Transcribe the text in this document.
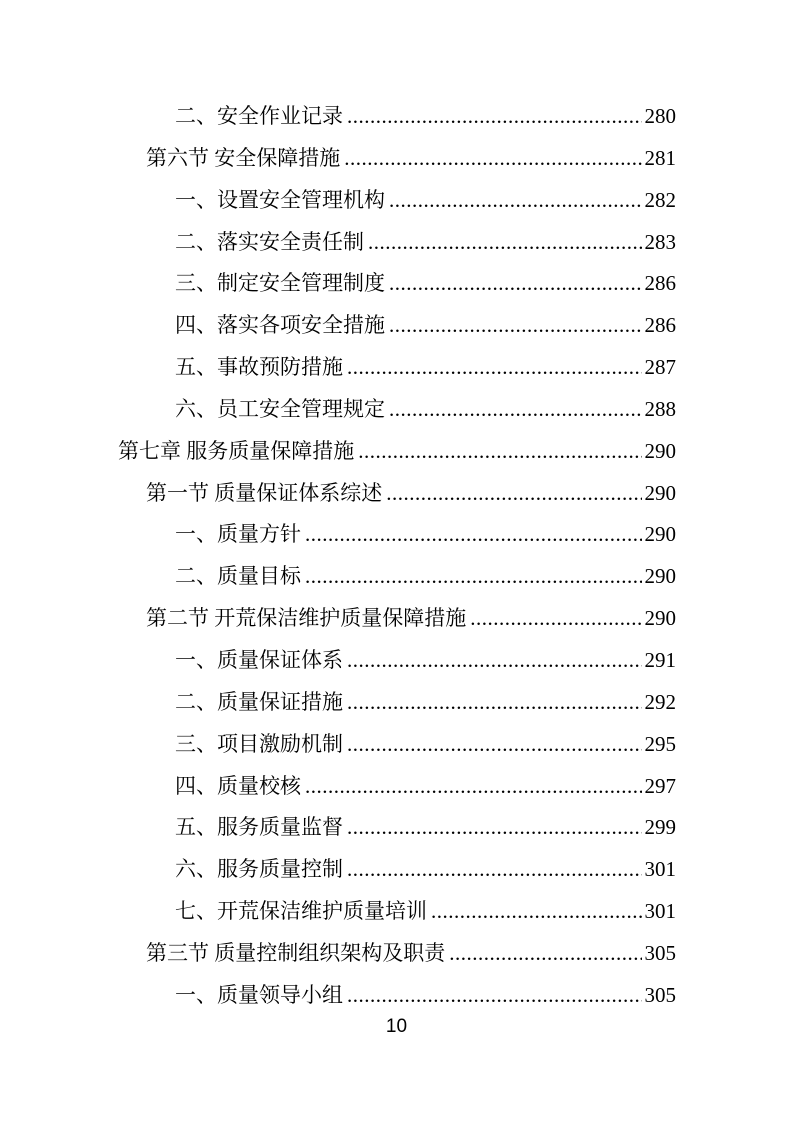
二、安全作业记录 .....	280
第六节 安全保障措施 .....	281
一、设置安全管理机构 .....	282
二、落实安全责任制 .....	283
三、制定安全管理制度 .....	286
四、落实各项安全措施 .....	286
五、事故预防措施 .....	287
六、员工安全管理规定 .....	288
第七章 服务质量保障措施 .....	290
第一节 质量保证体系综述 .....	290
一、质量方针 .....	290
二、质量目标 .....	290
第二节 开荒保洁维护质量保障措施 .....	290
一、质量保证体系 .....	291
二、质量保证措施 .....	292
三、项目激励机制 .....	295
四、质量校核 .....	297
五、服务质量监督 .....	299
六、服务质量控制 .....	301
七、开荒保洁维护质量培训 .....	301
第三节 质量控制组织架构及职责 .....	305
一、质量领导小组 .....	305
10
